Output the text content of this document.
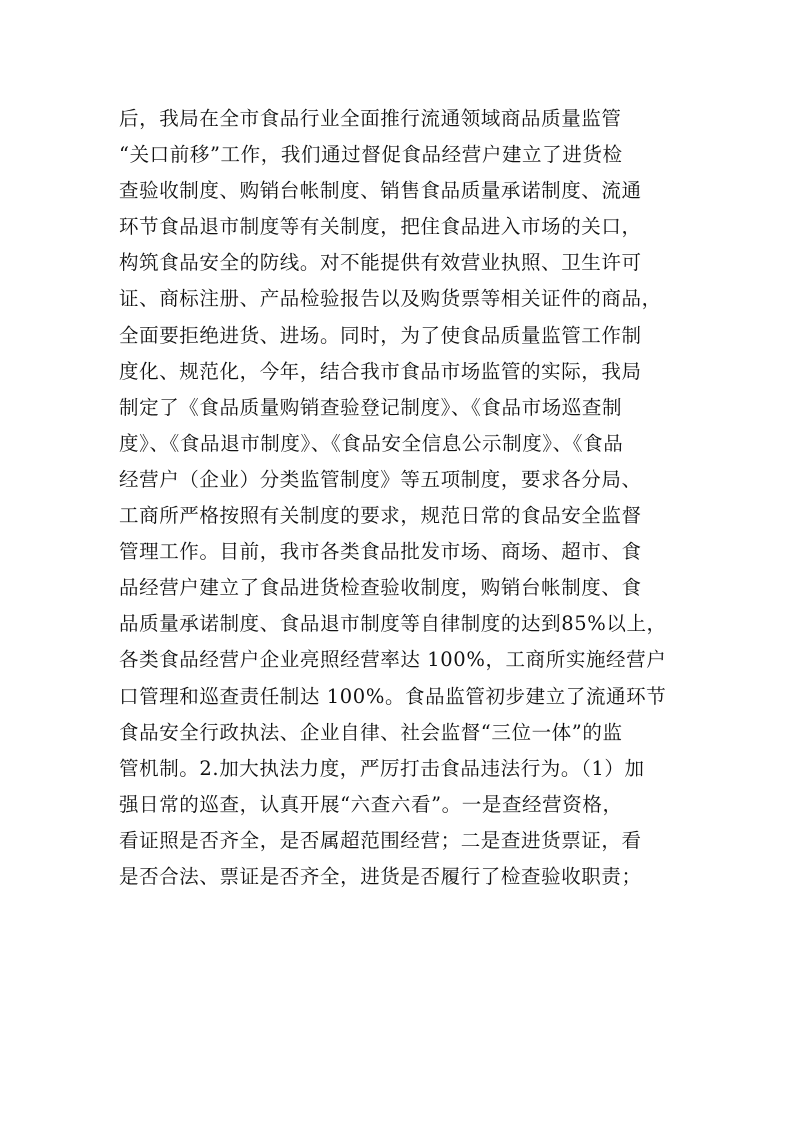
后，我局在全市食品行业全面推行流通领域商品质量监管
“关口前移”工作，我们通过督促食品经营户建立了进货检
查验收制度、购销台帐制度、销售食品质量承诺制度、流通
环节食品退市制度等有关制度，把住食品进入市场的关口，
构筑食品安全的防线。对不能提供有效营业执照、卫生许可
证、商标注册、产品检验报告以及购货票等相关证件的商品，
全面要拒绝进货、进场。同时，为了使食品质量监管工作制
度化、规范化，今年，结合我市食品市场监管的实际，我局
制定了《食品质量购销查验登记制度》、《食品市场巡查制
度》、《食品退市制度》、《食品安全信息公示制度》、《食品
经营户（企业）分类监管制度》等五项制度，要求各分局、
工商所严格按照有关制度的要求，规范日常的食品安全监督
管理工作。目前，我市各类食品批发市场、商场、超市、食
品经营户建立了食品进货检查验收制度，购销台帐制度、食
品质量承诺制度、食品退市制度等自律制度的达到85%以上，
各类食品经营户企业亮照经营率达 100%，工商所实施经营户
口管理和巡查责任制达 100%。食品监管初步建立了流通环节
食品安全行政执法、企业自律、社会监督“三位一体”的监
管机制。2.加大执法力度，严厉打击食品违法行为。（1）加
强日常的巡查，认真开展“六查六看”。一是查经营资格，
看证照是否齐全，是否属超范围经营；二是查进货票证，看
是否合法、票证是否齐全，进货是否履行了检查验收职责；
